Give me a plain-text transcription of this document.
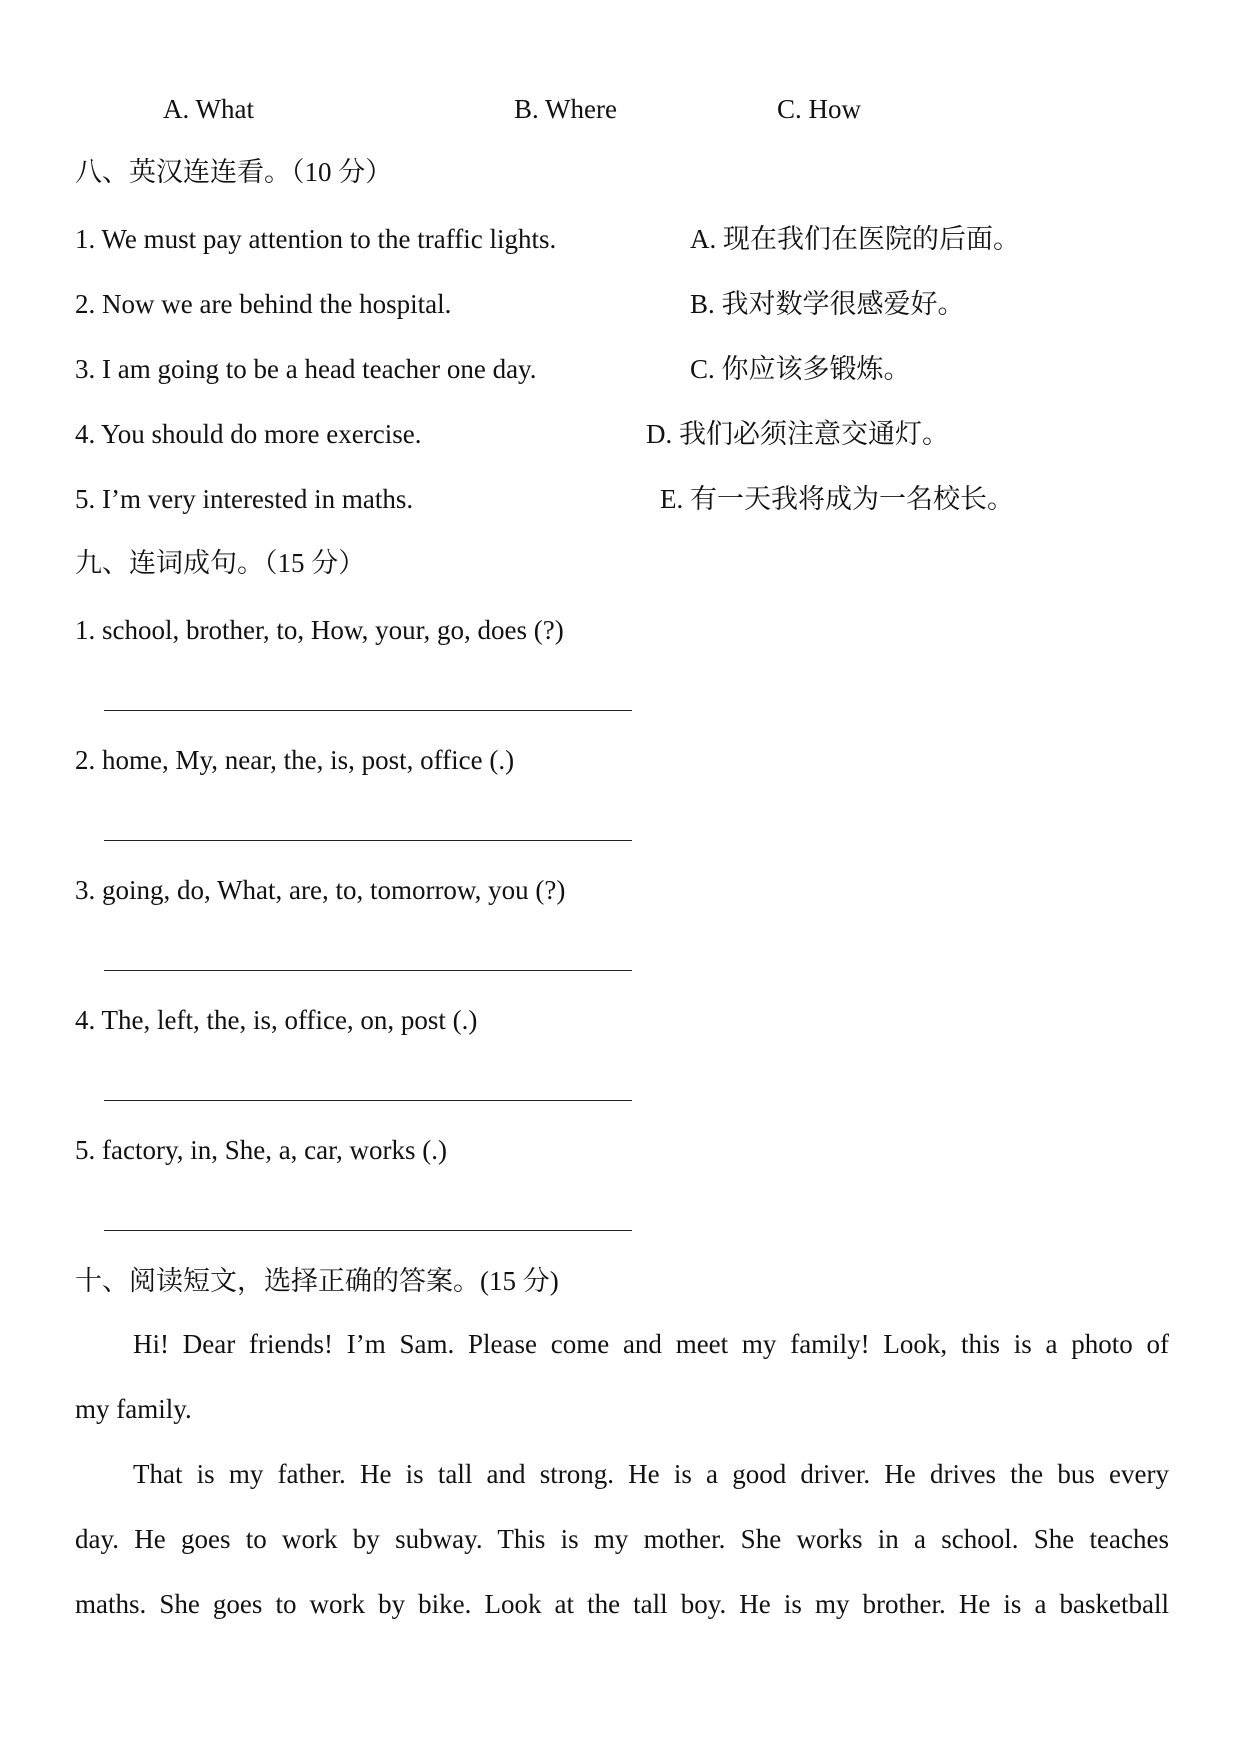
A. What	B. Where	C. How
八、英汉连连看。（10 分）
1. We must pay attention to the traffic lights.
2. Now we are behind the hospital.
3. I am going to be a head teacher one day.
4. You should do more exercise.
5. I’m very interested in maths.
A. 现在我们在医院的后面。
B. 我对数学很感爱好。
C. 你应该多锻炼。
D. 我们必须注意交通灯。
E. 有一天我将成为一名校长。
九、连词成句。（15 分）
1. school, brother, to, How, your, go, does (?)
2. home, My, near, the, is, post, office (.)
3. going, do, What, are, to, tomorrow, you (?)
4. The, left, the, is, office, on, post (.)
5. factory, in, She, a, car, works (.)
十、阅读短文，选择正确的答案。(15 分)
Hi! Dear friends! I’m Sam. Please come and meet my family! Look, this is a photo of
my family.
That is my father. He is tall and strong. He is a good driver. He drives the bus every
day. He goes to work by subway. This is my mother. She works in a school. She teaches
maths. She goes to work by bike. Look at the tall boy. He is my brother. He is a basketball
